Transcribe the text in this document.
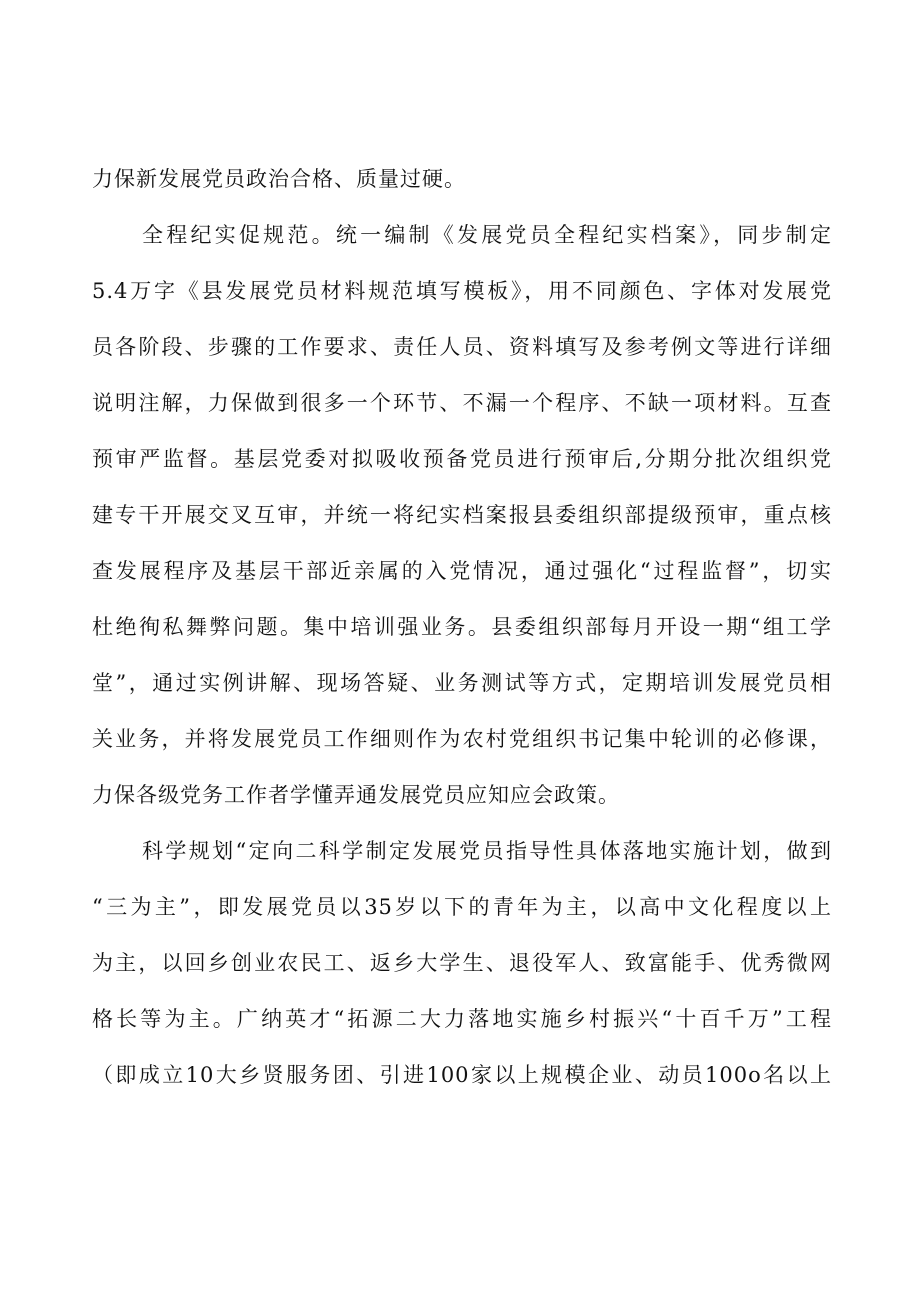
力保新发展党员政治合格、质量过硬。
全程纪实促规范。统一编制《发展党员全程纪实档案》，同步制定
5.4万字《县发展党员材料规范填写模板》，用不同颜色、字体对发展党
员各阶段、步骤的工作要求、责任人员、资料填写及参考例文等进行详细
说明注解，力保做到很多一个环节、不漏一个程序、不缺一项材料。互查
预审严监督。基层党委对拟吸收预备党员进行预审后,分期分批次组织党
建专干开展交叉互审，并统一将纪实档案报县委组织部提级预审，重点核
查发展程序及基层干部近亲属的入党情况，通过强化“过程监督”，切实
杜绝徇私舞弊问题。集中培训强业务。县委组织部每月开设一期“组工学
堂”，通过实例讲解、现场答疑、业务测试等方式，定期培训发展党员相
关业务，并将发展党员工作细则作为农村党组织书记集中轮训的必修课，
力保各级党务工作者学懂弄通发展党员应知应会政策。
科学规划“定向二科学制定发展党员指导性具体落地实施计划，做到
“三为主”，即发展党员以35岁以下的青年为主，以高中文化程度以上
为主，以回乡创业农民工、返乡大学生、退役军人、致富能手、优秀微网
格长等为主。广纳英才“拓源二大力落地实施乡村振兴“十百千万”工程
（即成立10大乡贤服务团、引进100家以上规模企业、动员100o名以上
